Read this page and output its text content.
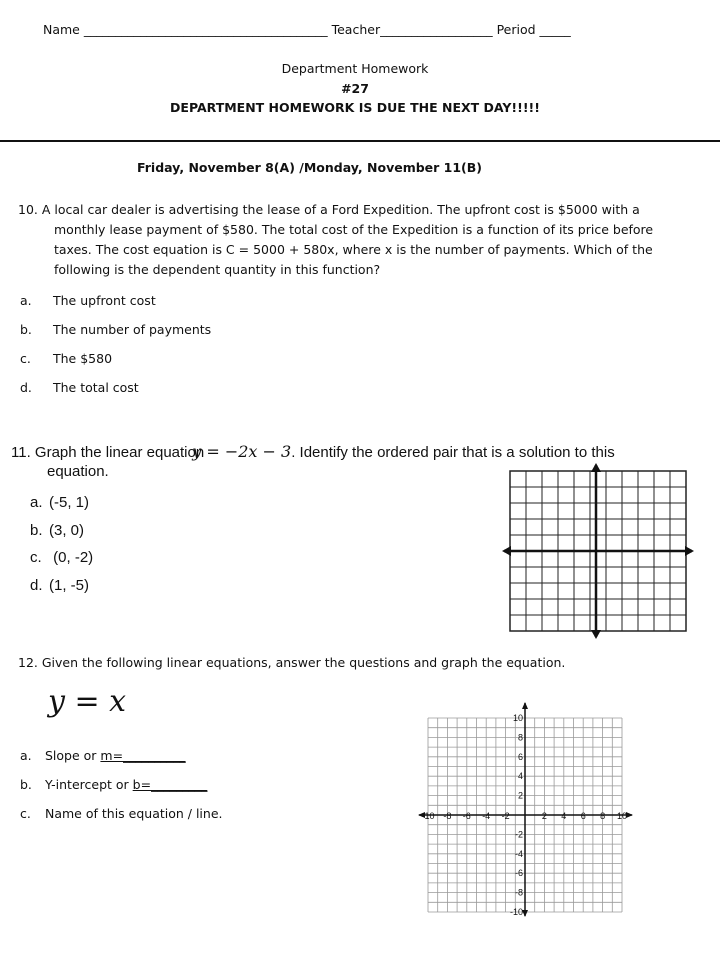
Name _______________________________________ Teacher__________________ Period _____
Department Homework
#27
DEPARTMENT HOMEWORK IS DUE THE NEXT DAY!!!!!
Friday, November 8(A) /Monday, November 11(B)
10. A local car dealer is advertising the lease of a Ford Expedition. The upfront cost is $5000 with a
monthly lease payment of $580. The total cost of the Expedition is a function of its price before
taxes. The cost equation is C = 5000 + 580x, where x is the number of payments. Which of the
following is the dependent quantity in this function?
a. The upfront cost
b. The number of payments
c. The $580
d. The total cost
11. Graph the linear equationy = −2x − 3. Identify the ordered pair that is a solution to this
equation.
a. (-5, 1)
b. (3, 0)
c. (0, -2)
d. (1, -5)
12. Given the following linear equations, answer the questions and graph the equation.
y = x
a. Slope or m=__________
b. Y-intercept or b=_________
c. Name of this equation / line.	-10 -8 -6 -4 -2	2 4 6 8 10
10
8
6
4
2
-2
-4
-6
-8
-10
